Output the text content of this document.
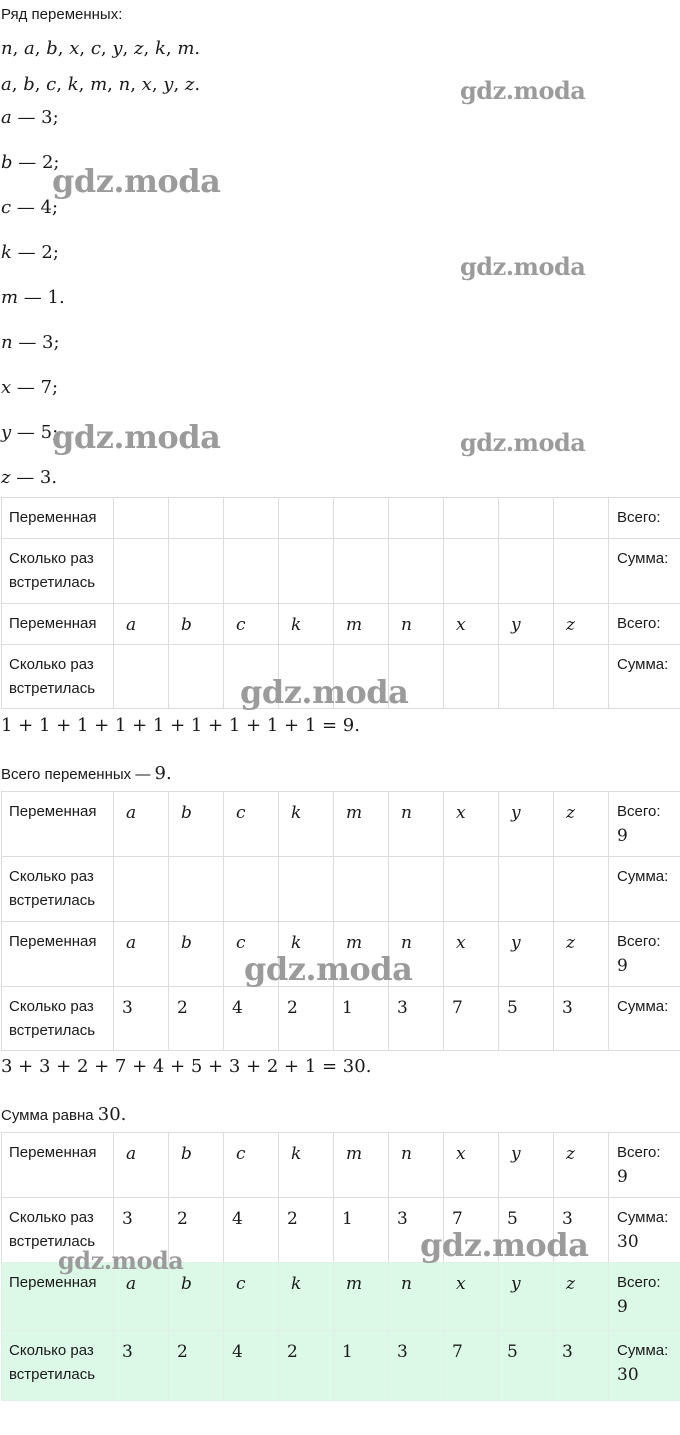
Ряд переменных:
n, a, b, x, c, y, z, k, m.
a, b, c, k, m, n, x, y, z.
a — 3;
b — 2;
c — 4;
k — 2;
m — 1.
n — 3;
x — 7;
y — 5;
z — 3.
Переменная										Всего:
Сколько раз
встретилась										Сумма:
Переменная	a	b	c	k	m	n	x	y	z	Всего:
Сколько раз
встретилась										Сумма:
1 + 1 + 1 + 1 + 1 + 1 + 1 + 1 + 1 = 9.
Всего переменных — 9.
Переменная	a	b	c	k	m	n	x	y	z	Всего:
9
Сколько раз
встретилась										Сумма:
Переменная	a	b	c	k	m	n	x	y	z	Всего:
9
Сколько раз
встретилась	3	2	4	2	1	3	7	5	3	Сумма:
3 + 3 + 2 + 7 + 4 + 5 + 3 + 2 + 1 = 30.
Сумма равна 30.
Переменная	a	b	c	k	m	n	x	y	z	Всего:
9
Сколько раз
встретилась	3	2	4	2	1	3	7	5	3	Сумма:
30
Переменная	a	b	c	k	m	n	x	y	z	Всего:
9
Сколько раз
встретилась	3	2	4	2	1	3	7	5	3	Сумма:
30
gdz.moda
gdz.moda
gdz.moda
gdz.moda	gdz.moda
gdz.moda
gdz.moda
gdz.moda	gdz.moda
